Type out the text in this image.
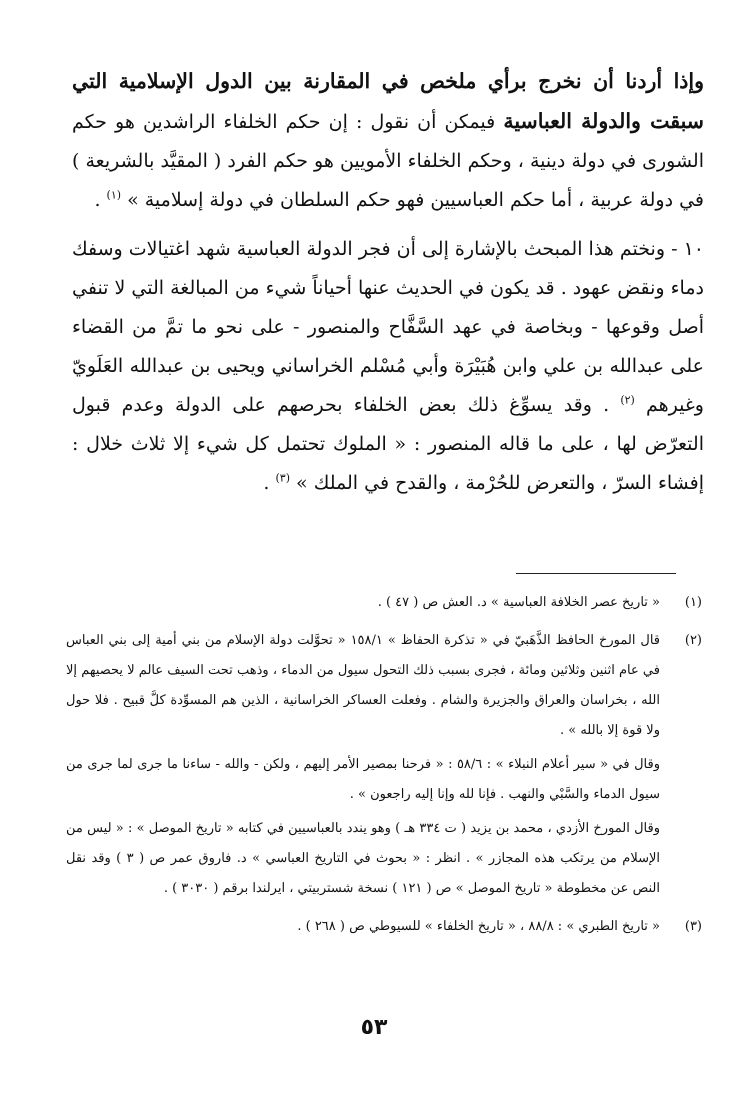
وإذا أردنا أن نخرج برأي ملخص في المقارنة بين الدول الإسلامية التي سبقت والدولة العباسية فيمكن أن نقول : إن حكم الخلفاء الراشدين هو حكم الشورى في دولة دينية ، وحكم الخلفاء الأمويين هو حكم الفرد ( المقيَّد بالشريعة ) في دولة عربية ، أما حكم العباسيين فهو حكم السلطان في دولة إسلامية » $^{(١)}$ .

١٠ - ونختم هذا المبحث بالإشارة إلى أن فجر الدولة العباسية شهد اغتيالات وسفك دماء ونقض عهود . قد يكون في الحديث عنها أحياناً شيء من المبالغة التي لا تنفي أصل وقوعها - وبخاصة في عهد السَّفَّاح والمنصور - على نحو ما تمَّ من القضاء على عبدالله بن علي وابن هُبَيْرَة وأبي مُسْلم الخراساني ويحيى بن عبدالله العَلَويّ وغيرهم $^{(٢)}$ . وقد يسوِّغ ذلك بعض الخلفاء بحرصهم على الدولة وعدم قبول التعرّض لها ، على ما قاله المنصور : « الملوك تحتمل كل شيء إلا ثلاث خلال : إفشاء السرّ ، والتعرض للحُرْمة ، والقدح في الملك » $^{(٣)}$ .

(١)

« تاريخ عصر الخلافة العباسية » د. العش ص ( ٤٧ ) .

(٢)

قال المورخ الحافظ الذَّهَبيّ في « تذكرة الحفاظ » ١٥٨/١ « تحوَّلت دولة الإسلام من بني أمية إلى بني العباس في عام اثنين وثلاثين ومائة ، فجرى بسبب ذلك التحول سيول من الدماء ، وذهب تحت السيف عالم لا يحصيهم إلا الله ، بخراسان والعراق والجزيرة والشام . وفعلت العساكر الخراسانية ، الذين هم المسوِّدة كلَّ قبيح . فلا حول ولا قوة إلا بالله » .

وقال في « سير أعلام النبلاء » : ٥٨/٦ : « فرحنا بمصير الأمر إليهم ، ولكن - والله - ساءنا ما جرى لما جرى من سيول الدماء والسَّبْي والنهب . فإنا لله وإنا إليه راجعون » .

وقال المورخ الأزدي ، محمد بن يزيد ( ت ٣٣٤ هـ ) وهو يندد بالعباسيين في كتابه « تاريخ الموصل » : « ليس من الإسلام من يرتكب هذه المجازر » . انظر : « بحوث في التاريخ العباسي » د. فاروق عمر ص ( ٣ ) وقد نقل النص عن مخطوطة « تاريخ الموصل » ص ( ١٢١ ) نسخة شستربيتي ، ايرلندا برقم ( ٣٠٣٠ ) .

(٣)

« تاريخ الطبري » : ٨٨/٨ ، « تاريخ الخلفاء » للسيوطي ص ( ٢٦٨ ) .

٥٣
